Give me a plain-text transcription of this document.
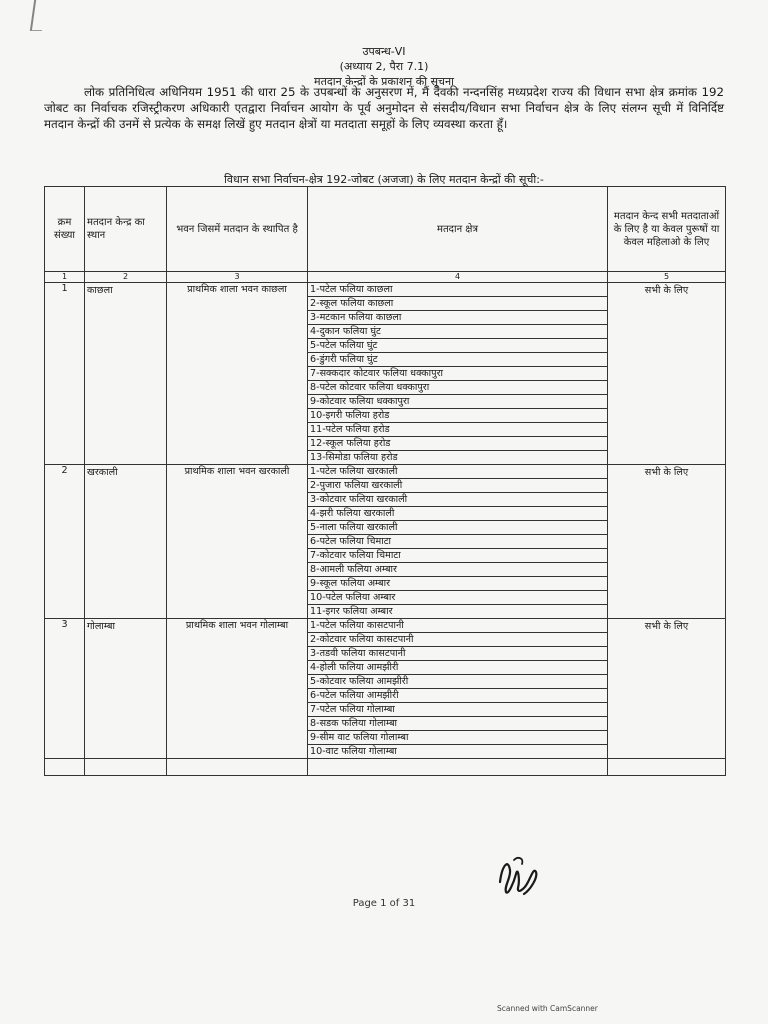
उपबन्ध-VI
(अध्याय 2, पैरा 7.1)
मतदान केन्द्रों के प्रकाशन की सूचना
लोक प्रतिनिधित्व अधिनियम 1951 की धारा 25 के उपबन्धों के अनुसरण में, मैं देवकी नन्दनसिंह मध्यप्रदेश राज्य की विधान सभा क्षेत्र क्रमांक 192 जोबट का निर्वाचक रजिस्ट्रीकरण अधिकारी एतद्वारा निर्वाचन आयोग के पूर्व अनुमोदन से संसदीय/विधान सभा निर्वाचन क्षेत्र के लिए संलग्न सूची में विनिर्दिष्ट मतदान केन्द्रों की उनमें से प्रत्येक के समक्ष लिखें हुए मतदान क्षेत्रों या मतदाता समूहों के लिए व्यवस्था करता हूँ।
विधान सभा निर्वाचन-क्षेत्र 192-जोबट (अजजा) के लिए मतदान केन्द्रों की सूची:-
क्रम संख्या	मतदान केन्द्र का स्थान	भवन जिसमें मतदान के स्थापित है	मतदान क्षेत्र	मतदान केन्द सभी मतदाताओं के लिए है या केवल पुरूषों या केवल महिलाओ के लिए
1	2	3	4	5
1	काछला	प्राथमिक शाला भवन काछला	1-पटेल फलिया काछला	सभी के लिए
			2-स्कूल फलिया काछला	
			3-मटकान फलिया काछला	
			4-दुकान फलिया घुंट	
			5-पटेल फलिया घुंट	
			6-डुंगरी फलिया घुंट	
			7-सक्कदार कोटवार फलिया धक्कापुरा	
			8-पटेल कोटवार फलिया धक्कापुरा	
			9-कोटवार फलिया धक्कापुरा	
			10-इगरी फलिया हरोड	
			11-पटेल फलिया हरोड	
			12-स्कूल फलिया हरोड	
			13-सिमोडा फलिया हरोड	
2	खरकाली	प्राथमिक शाला भवन खरकाली	1-पटेल फलिया खरकाली	सभी के लिए
			2-पुजारा फलिया खरकाली	
			3-कोटवार फलिया खरकाली	
			4-झरी फलिया खरकाली	
			5-नाला फलिया खरकाली	
			6-पटेल फलिया चिमाटा	
			7-कोटवार फलिया चिमाटा	
			8-आमली फलिया अम्बार	
			9-स्कूल फलिया अम्बार	
			10-पटेल फलिया अम्बार	
			11-इगर फलिया अम्बार	
3	गोलाम्बा	प्राथमिक शाला भवन गोलाम्बा	1-पटेल फलिया कासटपानी	सभी के लिए
			2-कोटवार फलिया कासटपानी	
			3-तडवी फलिया कासटपानी	
			4-होली फलिया आमझीरी	
			5-कोटवार फलिया आमझीरी	
			6-पटेल फलिया आमझीरी	
			7-पटेल फलिया गोलाम्बा	
			8-सडक फलिया गोलाम्बा	
			9-सीम वाट फलिया गोलाम्बा	
			10-वाट फलिया गोलाम्बा	

Page 1 of 31
Scanned with CamScanner
